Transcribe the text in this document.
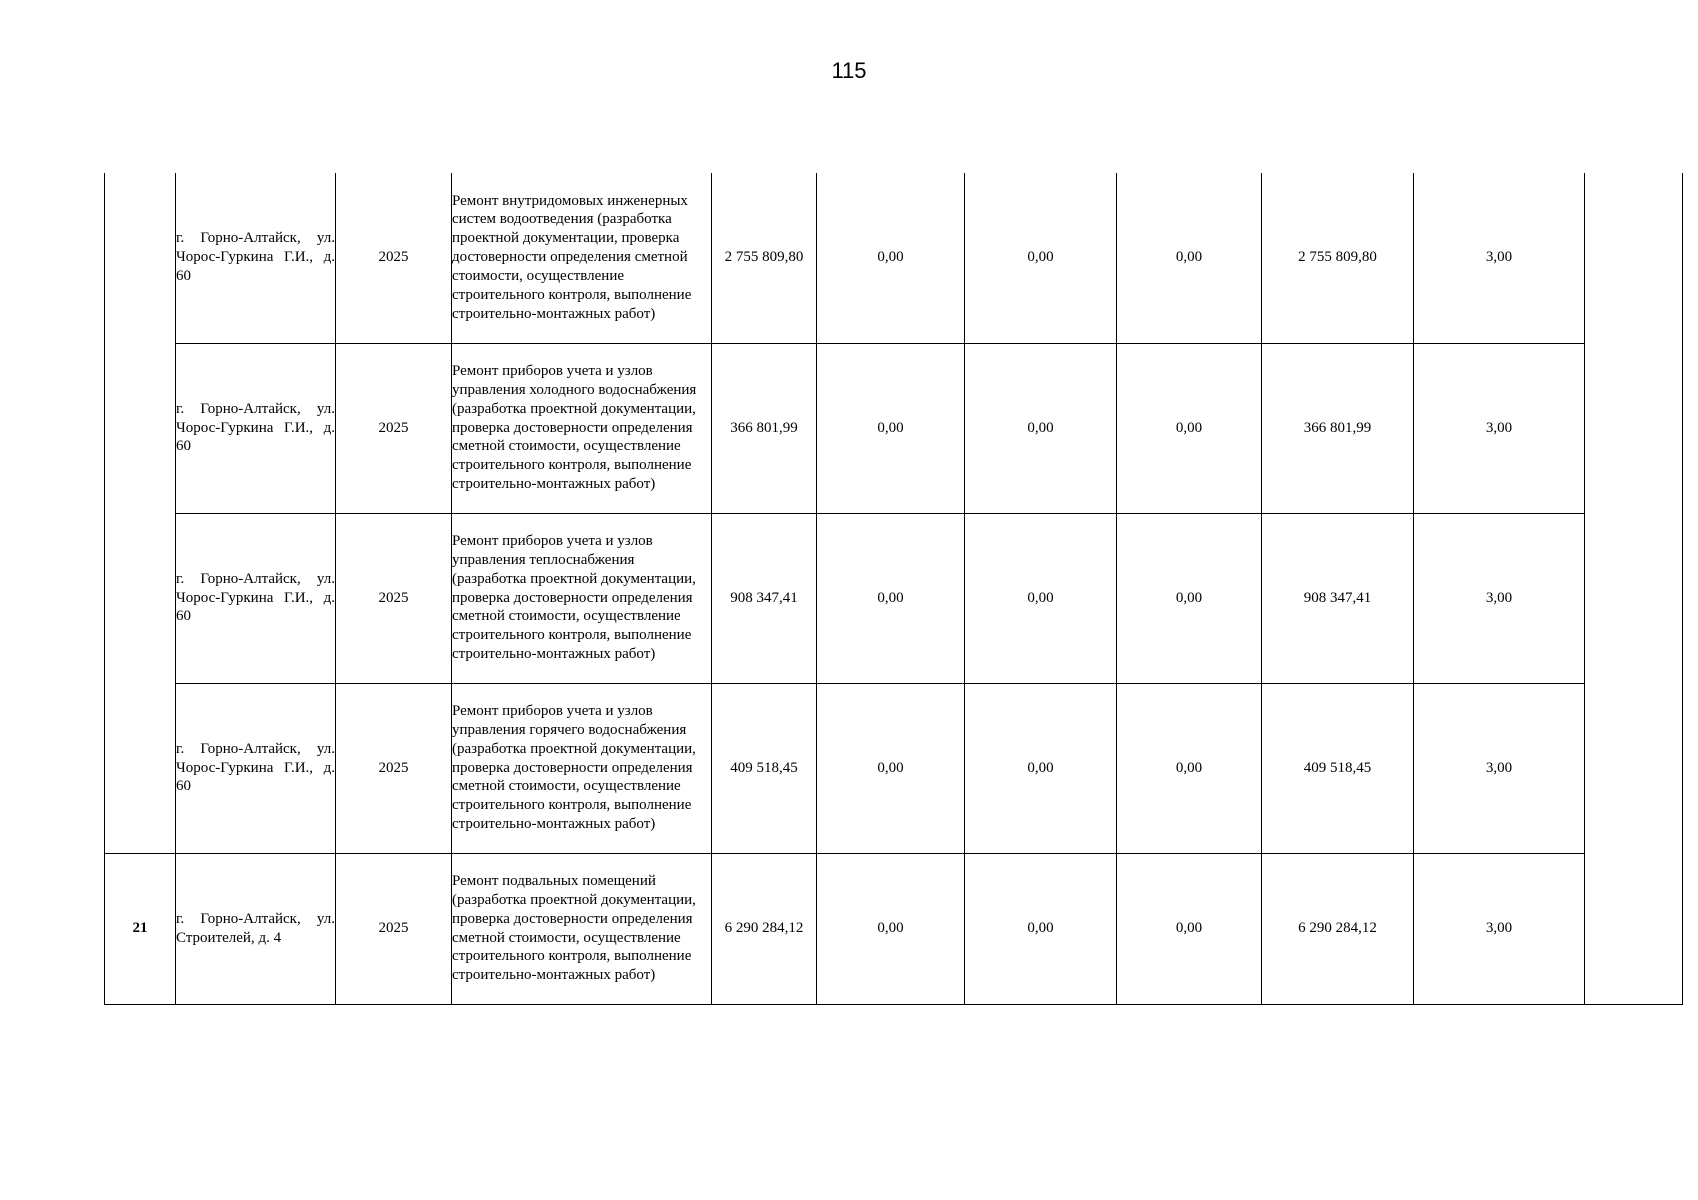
115
	г. Горно-Алтайск, ул. Чорос-Гуркина Г.И., д. 60	2025	Ремонт внутридомовых инженерных систем водоотведения (разработка проектной документации, проверка достоверности определения сметной стоимости, осуществление строительного контроля, выполнение строительно-монтажных работ)	2 755 809,80	0,00	0,00	0,00	2 755 809,80	3,00	
	г. Горно-Алтайск, ул. Чорос-Гуркина Г.И., д. 60	2025	Ремонт приборов учета и узлов управления холодного водоснабжения (разработка проектной документации, проверка достоверности определения сметной стоимости, осуществление строительного контроля, выполнение строительно-монтажных работ)	366 801,99	0,00	0,00	0,00	366 801,99	3,00	
	г. Горно-Алтайск, ул. Чорос-Гуркина Г.И., д. 60	2025	Ремонт приборов учета и узлов управления теплоснабжения (разработка проектной документации, проверка достоверности определения сметной стоимости, осуществление строительного контроля, выполнение строительно-монтажных работ)	908 347,41	0,00	0,00	0,00	908 347,41	3,00	
	г. Горно-Алтайск, ул. Чорос-Гуркина Г.И., д. 60	2025	Ремонт приборов учета и узлов управления горячего водоснабжения (разработка проектной документации, проверка достоверности определения сметной стоимости, осуществление строительного контроля, выполнение строительно-монтажных работ)	409 518,45	0,00	0,00	0,00	409 518,45	3,00	
21	г. Горно-Алтайск, ул. Строителей, д. 4	2025	Ремонт подвальных помещений (разработка проектной документации, проверка достоверности определения сметной стоимости, осуществление строительного контроля, выполнение строительно-монтажных работ)	6 290 284,12	0,00	0,00	0,00	6 290 284,12	3,00	
